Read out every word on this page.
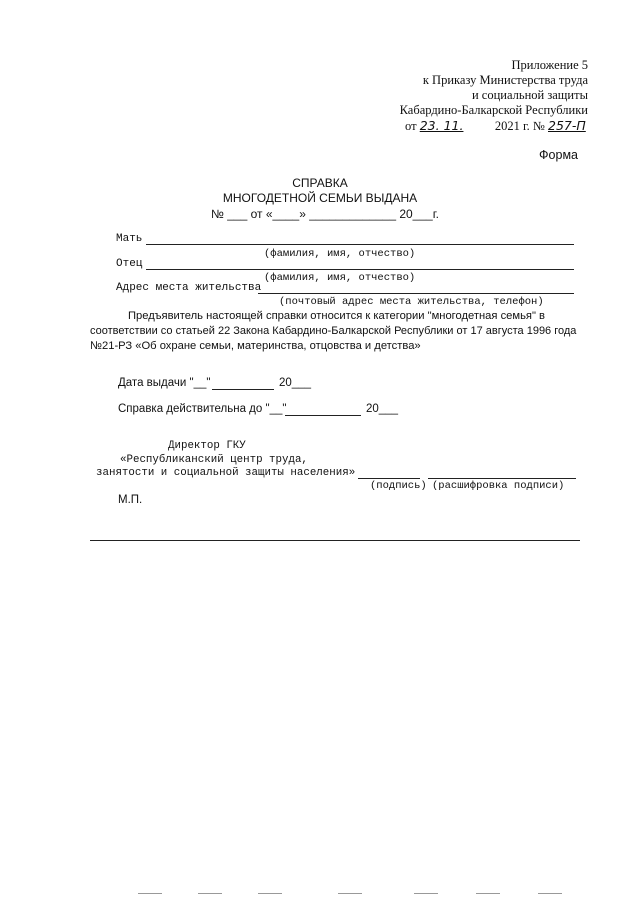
Приложение 5
к Приказу Министерства труда
и социальной защиты
Кабардино-Балкарской Республики
от 23. 11.	2021 г. № 257-П
Форма
СПРАВКА
МНОГОДЕТНОЙ СЕМЬИ ВЫДАНА
№ ___ от «____» _____________ 20___г.
Мать
(фамилия, имя, отчество)
Отец
(фамилия, имя, отчество)
Адрес места жительства
(почтовый адрес места жительства, телефон)
Предъявитель настоящей справки относится к категории "многодетная семья" в
соответствии со статьей 22 Закона Кабардино-Балкарской Республики от 17 августа 1996 года
№21-РЗ «Об охране семьи, материнства, отцовства и детства»
Дата выдачи "__"	20___
Справка действительна до "__"	20___
Директор ГКУ
«Республиканский центр труда,
занятости и социальной защиты населения»
(подпись) (расшифровка подписи)
М.П.
